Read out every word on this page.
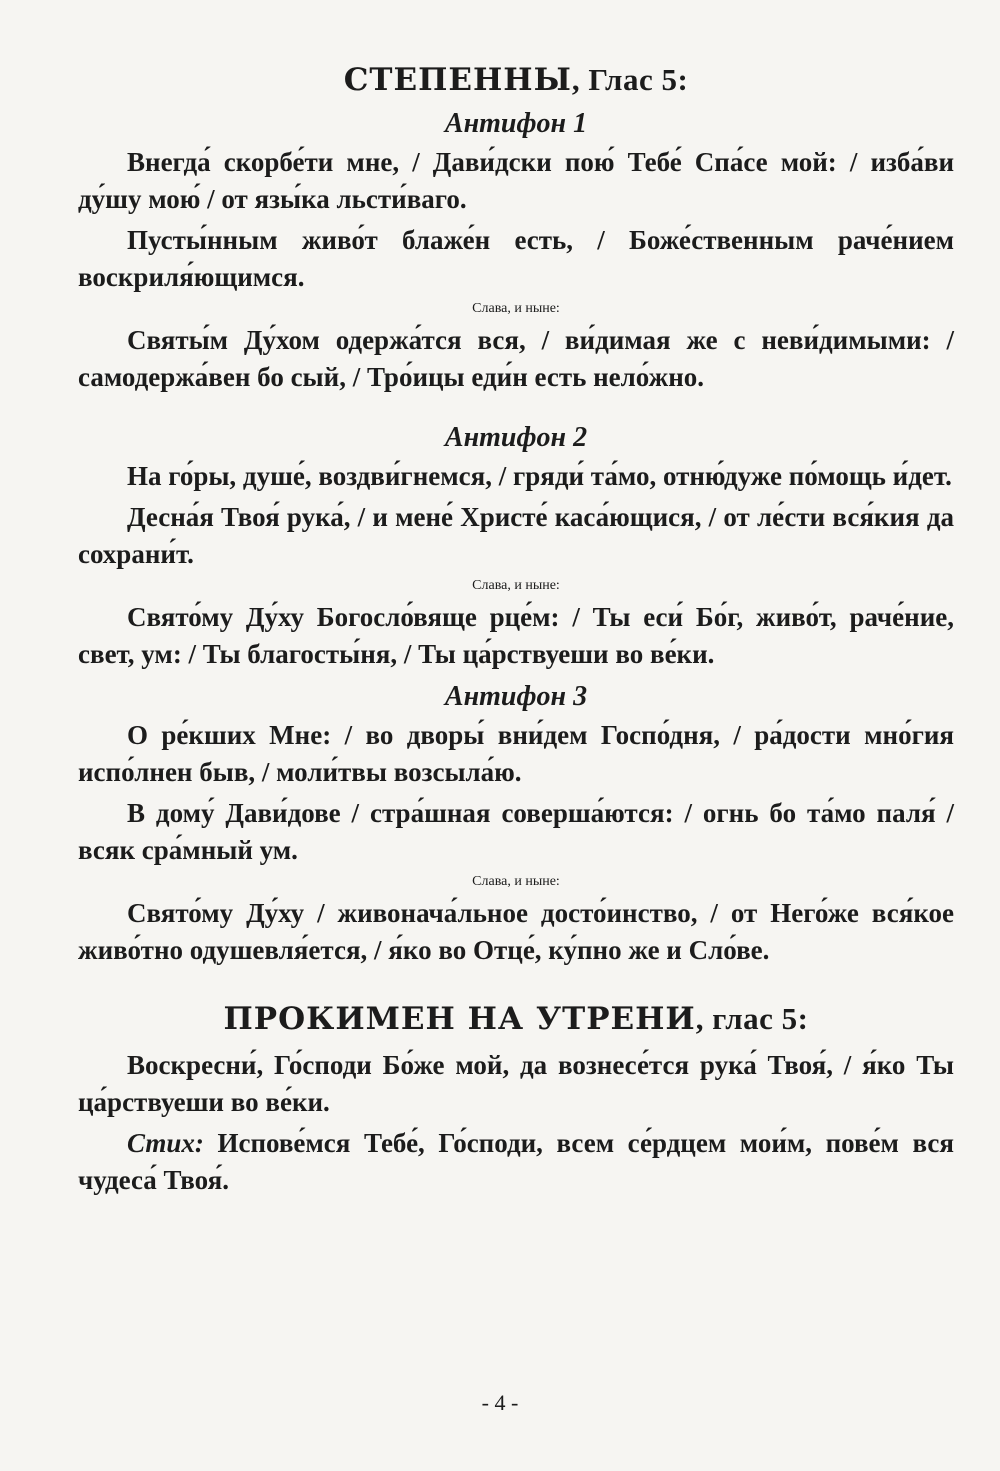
СТЕПЕННЫ, Глас 5:
Антифон 1

Внегда́ скорбе́ти мне, / Дави́дски пою́ Тебе́ Спа́се мой: / изба́ви ду́шу мою́ / от язы́ка льсти́ваго.

Пусты́нным живо́т блаже́н есть, / Боже́ственным раче́нием воскриля́ющимся.

Слава, и ныне:

Святы́м Ду́хом одержа́тся вся, / ви́димая же с неви́димыми: / самодержа́вен бо сый, / Тро́ицы еди́н есть нело́жно.

Антифон 2

На го́ры, душе́, воздви́гнемся, / гряди́ та́мо, отню́дуже по́мощь и́дет.

Десна́я Твоя́ рука́, / и мене́ Христе́ каса́ющися, / от ле́сти вся́кия да сохрани́т.

Слава, и ныне:

Свято́му Ду́ху Богосло́вяще рце́м: / Ты еси́ Бо́г, живо́т, раче́ние, свет, ум: / Ты благосты́ня, / Ты ца́рствуеши во ве́ки.

Антифон 3

О ре́кших Мне: / во дворы́ вни́дем Госпо́дня, / ра́дости мно́гия испо́лнен быв, / моли́твы возсыла́ю.

В дому́ Дави́дове / стра́шная соверша́ются: / огнь бо та́мо паля́ / всяк сра́мный ум.

Слава, и ныне:

Свято́му Ду́ху / живонача́льное досто́инство, / от Него́же вся́кое живо́тно одушевля́ется, / я́ко во Отце́, ку́пно же и Сло́ве.

ПРОКИМЕН НА УТРЕНИ, глас 5:

Воскресни́, Го́споди Бо́же мой, да вознесе́тся рука́ Твоя́, / я́ко Ты ца́рствуеши во ве́ки.

Стих: Испове́мся Тебе́, Го́споди, всем се́рдцем мои́м, пове́м вся чудеса́ Твоя́.

- 4 -
